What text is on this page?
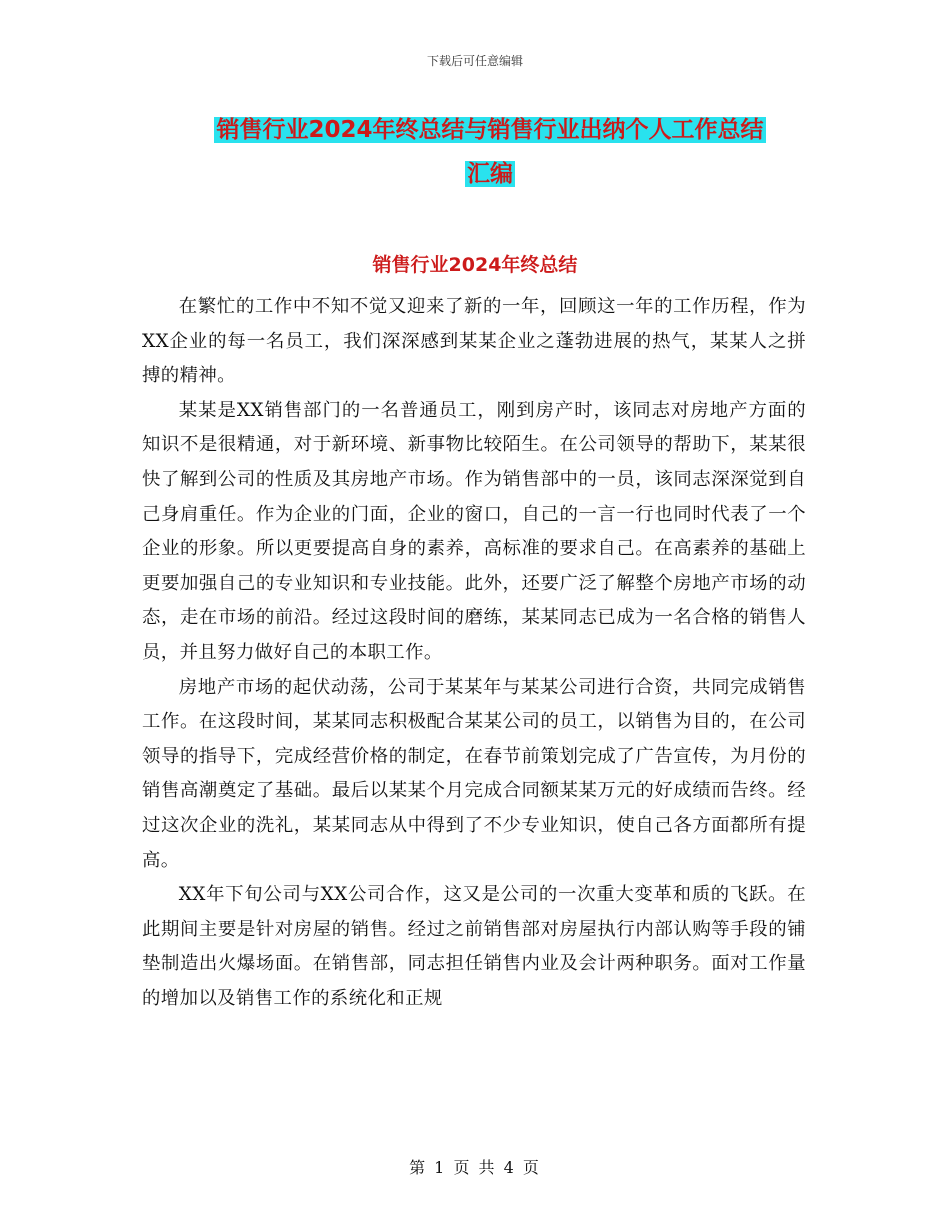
下载后可任意编辑
销售行业2024年终总结与销售行业出纳个人工作总结
汇编
销售行业2024年终总结

在繁忙的工作中不知不觉又迎来了新的一年，回顾这一年的工作历程，作为XX企业的每一名员工，我们深深感到某某企业之蓬勃进展的热气，某某人之拼搏的精神。

某某是XX销售部门的一名普通员工，刚到房产时，该同志对房地产方面的知识不是很精通，对于新环境、新事物比较陌生。在公司领导的帮助下，某某很快了解到公司的性质及其房地产市场。作为销售部中的一员，该同志深深觉到自己身肩重任。作为企业的门面，企业的窗口，自己的一言一行也同时代表了一个企业的形象。所以更要提高自身的素养，高标准的要求自己。在高素养的基础上更要加强自己的专业知识和专业技能。此外，还要广泛了解整个房地产市场的动态，走在市场的前沿。经过这段时间的磨练，某某同志已成为一名合格的销售人员，并且努力做好自己的本职工作。

房地产市场的起伏动荡，公司于某某年与某某公司进行合资，共同完成销售工作。在这段时间，某某同志积极配合某某公司的员工，以销售为目的，在公司领导的指导下，完成经营价格的制定，在春节前策划完成了广告宣传，为月份的销售高潮奠定了基础。最后以某某个月完成合同额某某万元的好成绩而告终。经过这次企业的洗礼，某某同志从中得到了不少专业知识，使自己各方面都所有提高。

XX年下旬公司与XX公司合作，这又是公司的一次重大变革和质的飞跃。在此期间主要是针对房屋的销售。经过之前销售部对房屋执行内部认购等手段的铺垫制造出火爆场面。在销售部，同志担任销售内业及会计两种职务。面对工作量的增加以及销售工作的系统化和正规

第 1 页 共 4 页
